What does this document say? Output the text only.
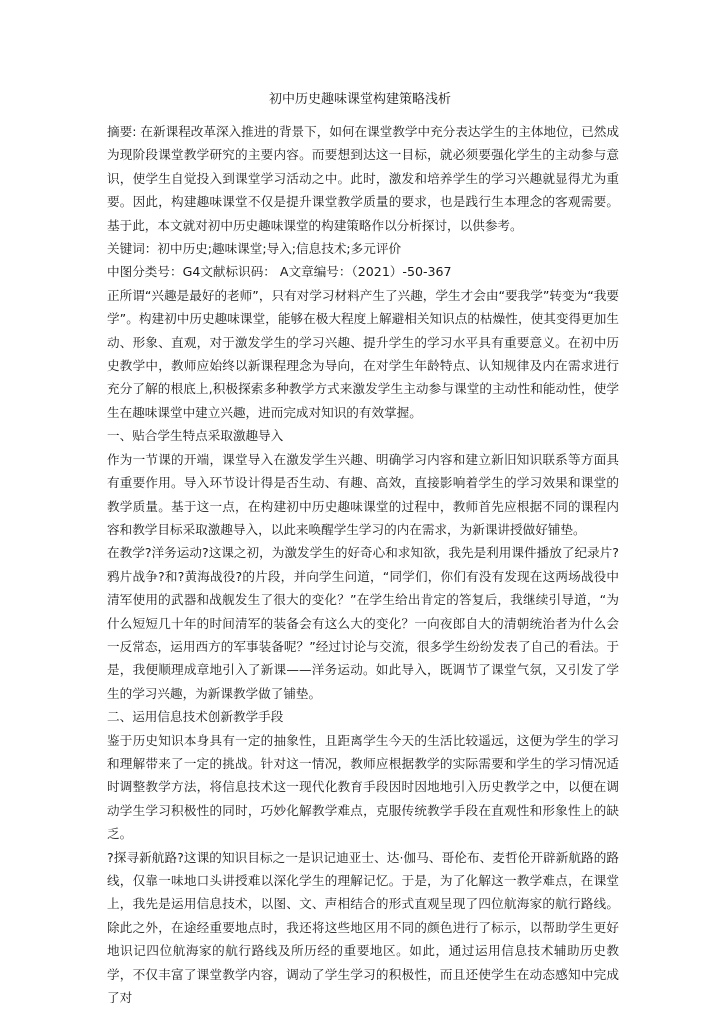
初中历史趣味课堂构建策略浅析

摘要: 在新课程改革深入推进的背景下，如何在课堂教学中充分表达学生的主体地位，已然成为现阶段课堂教学研究的主要内容。而要想到达这一目标，就必须要强化学生的主动参与意识，使学生自觉投入到课堂学习活动之中。此时，激发和培养学生的学习兴趣就显得尤为重要。因此，构建趣味课堂不仅是提升课堂教学质量的要求，也是践行生本理念的客观需要。基于此，本文就对初中历史趣味课堂的构建策略作以分析探讨，以供参考。

关键词：初中历史;趣味课堂;导入;信息技术;多元评价

中图分类号：G4文献标识码： A文章编号：（2021）-50-367

正所谓“兴趣是最好的老师”，只有对学习材料产生了兴趣，学生才会由“要我学”转变为“我要学”。构建初中历史趣味课堂，能够在极大程度上解避相关知识点的枯燥性，使其变得更加生动、形象、直观，对于激发学生的学习兴趣、提升学生的学习水平具有重要意义。在初中历史教学中，教师应始终以新课程理念为导向，在对学生年龄特点、认知规律及内在需求进行充分了解的根底上,积极探索多种教学方式来激发学生主动参与课堂的主动性和能动性，使学生在趣味课堂中建立兴趣，进而完成对知识的有效掌握。

一、贴合学生特点采取激趣导入

作为一节课的开端，课堂导入在激发学生兴趣、明确学习内容和建立新旧知识联系等方面具有重要作用。导入环节设计得是否生动、有趣、高效，直接影响着学生的学习效果和课堂的教学质量。基于这一点，在构建初中历史趣味课堂的过程中，教师首先应根据不同的课程内容和教学目标采取激趣导入，以此来唤醒学生学习的内在需求，为新课讲授做好铺垫。

在教学?洋务运动?这课之初，为激发学生的好奇心和求知欲，我先是利用课件播放了纪录片?鸦片战争?和?黄海战役?的片段，并向学生问道，“同学们，你们有没有发现在这两场战役中清军使用的武器和战舰发生了很大的变化？”在学生给出肯定的答复后，我继续引导道，“为什么短短几十年的时间清军的装备会有这么大的变化？一向夜郎自大的清朝统治者为什么会一反常态，运用西方的军事装备呢？”经过讨论与交流，很多学生纷纷发表了自己的看法。于是，我便顺理成章地引入了新课——洋务运动。如此导入，既调节了课堂气氛，又引发了学生的学习兴趣，为新课教学做了铺垫。

二、运用信息技术创新教学手段

鉴于历史知识本身具有一定的抽象性，且距离学生今天的生活比较遥远，这便为学生的学习和理解带来了一定的挑战。针对这一情况，教师应根据教学的实际需要和学生的学习情况适时调整教学方法，将信息技术这一现代化教育手段因时因地地引入历史教学之中，以便在调动学生学习积极性的同时，巧妙化解教学难点，克服传统教学手段在直观性和形象性上的缺乏。

?探寻新航路?这课的知识目标之一是识记迪亚士、达·伽马、哥伦布、麦哲伦开辟新航路的路线，仅靠一味地口头讲授难以深化学生的理解记忆。于是，为了化解这一教学难点，在课堂上，我先是运用信息技术，以图、文、声相结合的形式直观呈现了四位航海家的航行路线。除此之外，在途经重要地点时，我还将这些地区用不同的颜色进行了标示，以帮助学生更好地识记四位航海家的航行路线及所历经的重要地区。如此，通过运用信息技术辅助历史教学，不仅丰富了课堂教学内容，调动了学生学习的积极性，而且还使学生在动态感知中完成了对
